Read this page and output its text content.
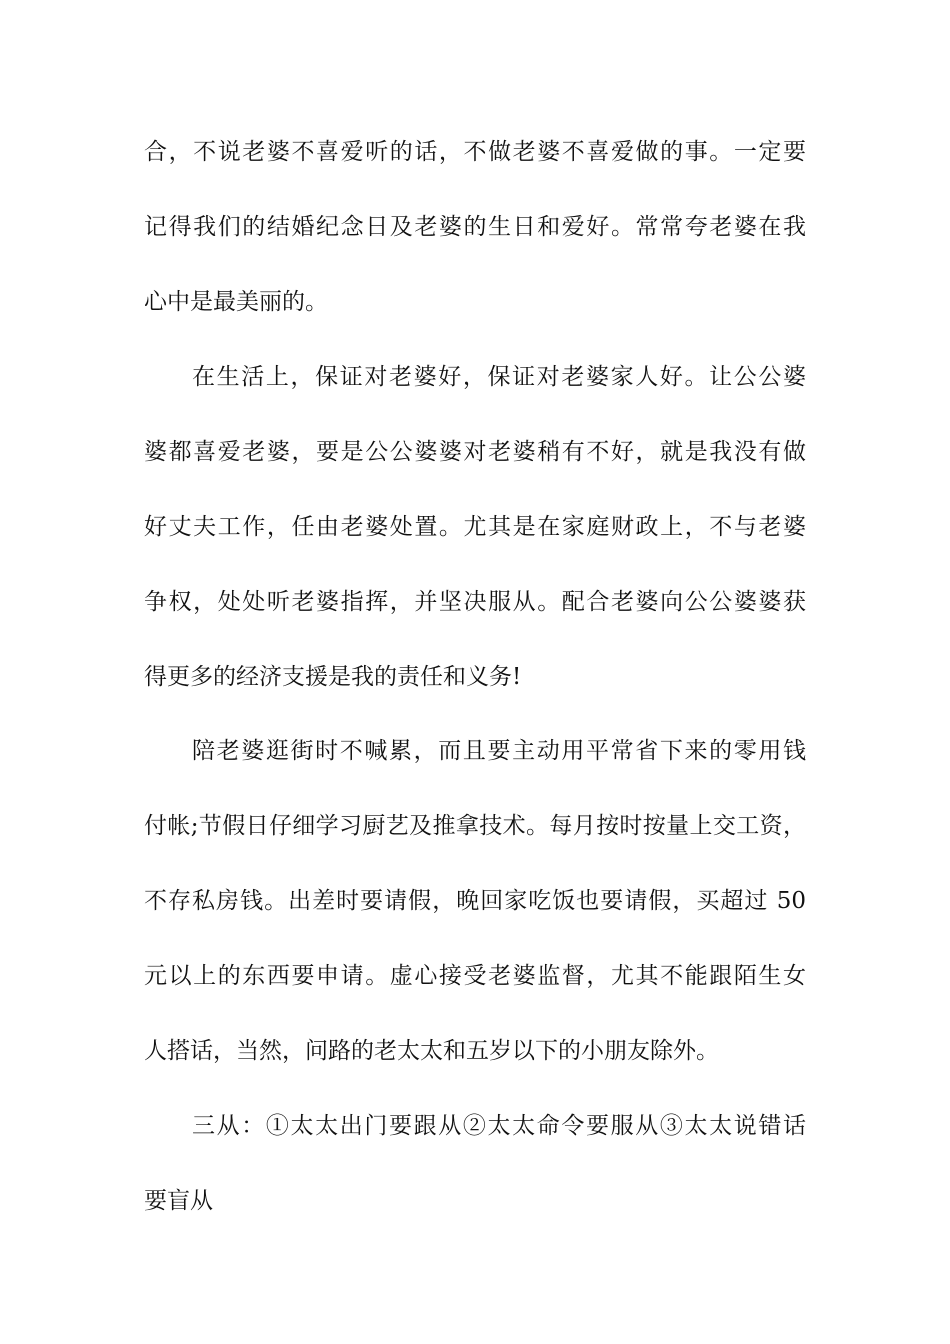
合，不说老婆不喜爱听的话，不做老婆不喜爱做的事。一定要
记得我们的结婚纪念日及老婆的生日和爱好。常常夸老婆在我
心中是最美丽的。
在生活上，保证对老婆好，保证对老婆家人好。让公公婆
婆都喜爱老婆，要是公公婆婆对老婆稍有不好，就是我没有做
好丈夫工作，任由老婆处置。尤其是在家庭财政上，不与老婆
争权，处处听老婆指挥，并坚决服从。配合老婆向公公婆婆获
得更多的经济支援是我的责任和义务!
陪老婆逛街时不喊累，而且要主动用平常省下来的零用钱
付帐;节假日仔细学习厨艺及推拿技术。每月按时按量上交工资，
不存私房钱。出差时要请假，晚回家吃饭也要请假，买超过 50
元以上的东西要申请。虚心接受老婆监督，尤其不能跟陌生女
人搭话，当然，问路的老太太和五岁以下的小朋友除外。
三从：①太太出门要跟从②太太命令要服从③太太说错话
要盲从
